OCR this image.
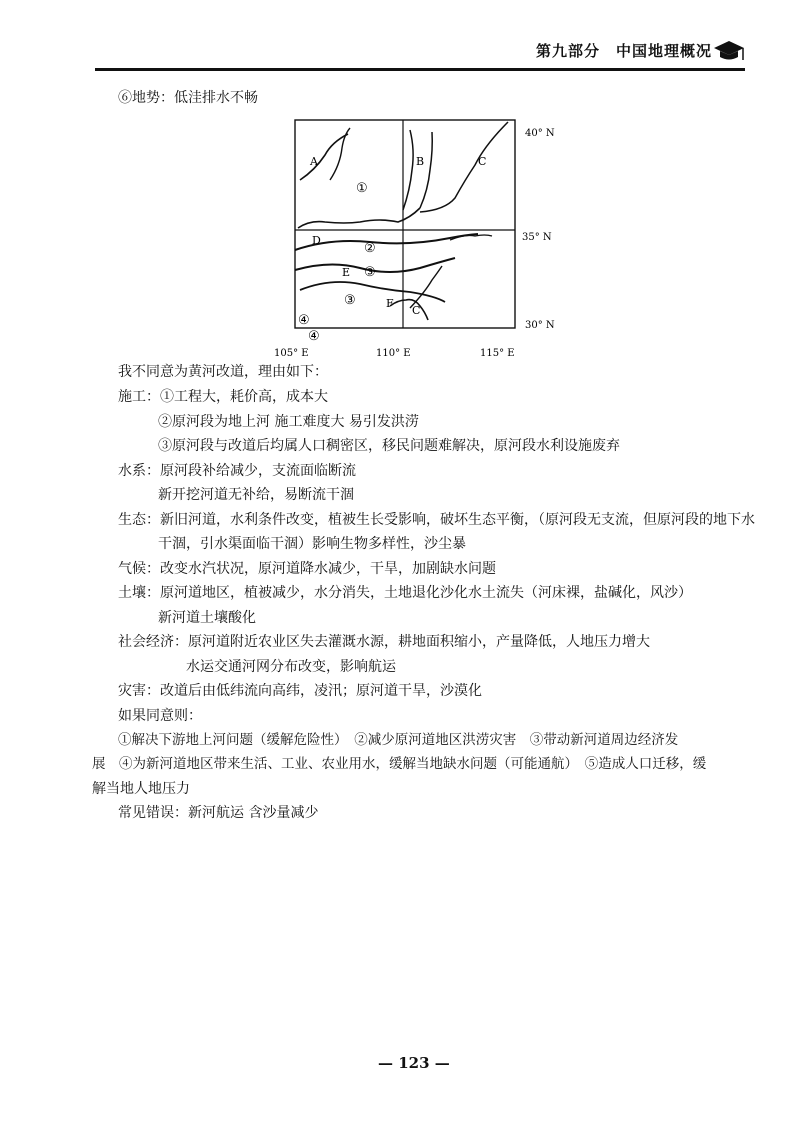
第九部分　中国地理概况
⑥地势：低洼排水不畅
A	B	C
D
E
F
C
①
②
③
③
④
④
40° N
35° N
30° N
105° E	110° E	115° E
我不同意为黄河改道，理由如下：
施工：①工程大，耗价高，成本大
②原河段为地上河 施工难度大 易引发洪涝
③原河段与改道后均属人口稠密区，移民问题难解决，原河段水利设施废弃
水系：原河段补给减少，支流面临断流
新开挖河道无补给，易断流干涸
生态：新旧河道，水利条件改变，植被生长受影响，破坏生态平衡，（原河段无支流，但原河段的地下水
干涸，引水渠面临干涸）影响生物多样性，沙尘暴
气候：改变水汽状况，原河道降水减少，干旱，加剧缺水问题
土壤：原河道地区，植被减少，水分消失，土地退化沙化水土流失（河床裸，盐碱化，风沙）
新河道土壤酸化
社会经济：原河道附近农业区失去灌溉水源，耕地面积缩小，产量降低，人地压力增大
水运交通河网分布改变，影响航运
灾害：改道后由低纬流向高纬，凌汛；原河道干旱，沙漠化
如果同意则：
①解决下游地上河问题（缓解危险性）　②减少原河道地区洪涝灾害　③带动新河道周边经济发
展　④为新河道地区带来生活、工业、农业用水，缓解当地缺水问题（可能通航）　⑤造成人口迁移，缓
解当地人地压力
常见错误：新河航运 含沙量减少
— 123 —
